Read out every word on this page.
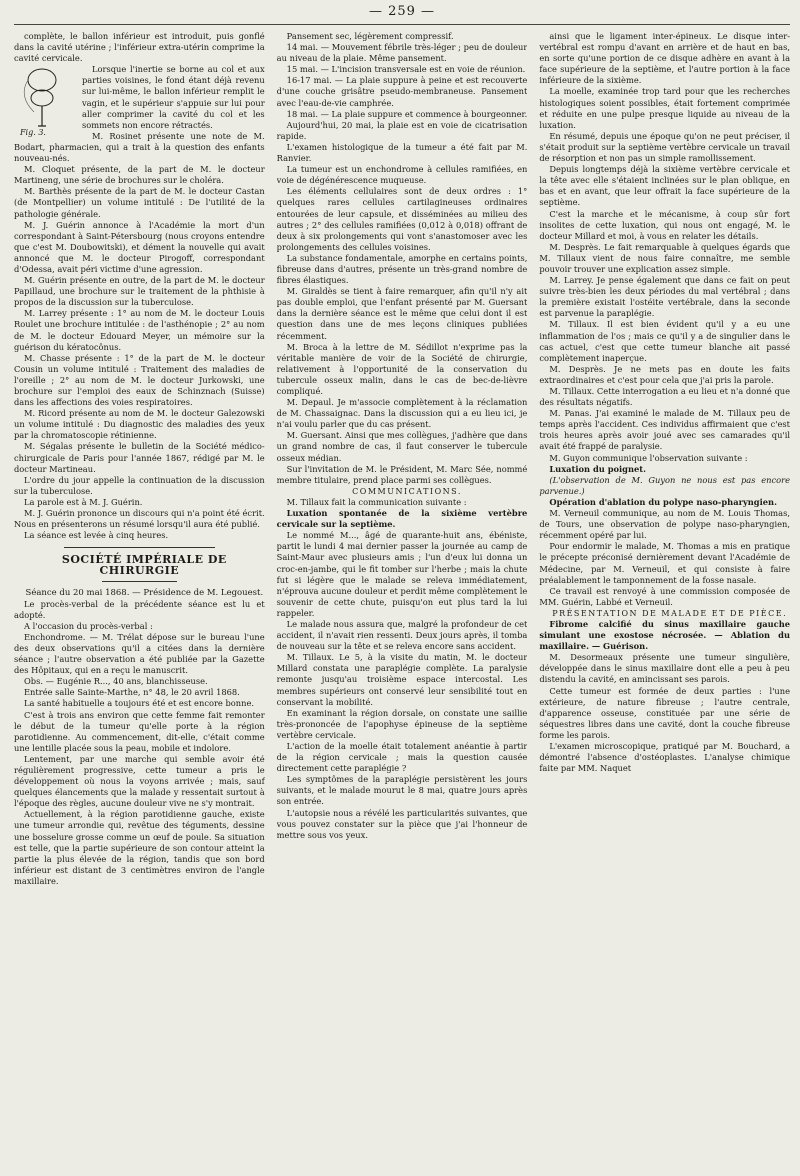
— 259 —

complète, le ballon inférieur est introduit, puis gonflé dans la cavité utérine ; l'inférieur extra-utérin comprime la cavité cervicale.

Fig. 3.

Lorsque l'inertie se borne au col et aux parties voisines, le fond étant déjà revenu sur lui-même, le ballon inférieur remplit le vagin, et le supérieur s'appuie sur lui pour aller comprimer la cavité du col et les sommets non encore rétractés.

M. Rosinet présente une note de M. Bodart, pharmacien, qui a trait à la question des enfants nouveau-nés.

M. Cloquet présente, de la part de M. le docteur Martineng, une série de brochures sur le choléra.

M. Barthès présente de la part de M. le docteur Castan (de Montpellier) un volume intitulé : De l'utilité de la pathologie générale.

M. J. Guérin annonce à l'Académie la mort d'un correspondant à Saint-Pétersbourg (nous croyons entendre que c'est M. Doubowitski), et dément la nouvelle qui avait annoncé que M. le docteur Pirogoff, correspondant d'Odessa, avait péri victime d'une agression.

M. Guérin présente en outre, de la part de M. le docteur Papillaud, une brochure sur le traitement de la phthisie à propos de la discussion sur la tuberculose.

M. Larrey présente : 1° au nom de M. le docteur Louis Roulet une brochure intitulée : de l'asthénopie ; 2° au nom de M. le docteur Edouard Meyer, un mémoire sur la guérison du kératocônus.

M. Chasse présente : 1° de la part de M. le docteur Cousin un volume intitulé : Traitement des maladies de l'oreille ; 2° au nom de M. le docteur Jurkowski, une brochure sur l'emploi des eaux de Schinznach (Suisse) dans les affections des voies respiratoires.

M. Ricord présente au nom de M. le docteur Galezowski un volume intitulé : Du diagnostic des maladies des yeux par la chromatoscopie rétinienne.

M. Ségalas présente le bulletin de la Société médico-chirurgicale de Paris pour l'année 1867, rédigé par M. le docteur Martineau.

L'ordre du jour appelle la continuation de la discussion sur la tuberculose.

La parole est à M. J. Guérin.

M. J. Guérin prononce un discours qui n'a point été écrit. Nous en présenterons un résumé lorsqu'il aura été publié.

La séance est levée à cinq heures.

SOCIÉTÉ IMPÉRIALE DE CHIRURGIE

Séance du 20 mai 1868. — Présidence de M. Legouest.

Le procès-verbal de la précédente séance est lu et adopté.

A l'occasion du procès-verbal :

Enchondrome. — M. Trélat dépose sur le bureau l'une des deux observations qu'il a citées dans la dernière séance ; l'autre observation a été publiée par la Gazette des Hôpitaux, qui en a reçu le manuscrit.

Obs. — Eugénie R..., 40 ans, blanchisseuse.

Entrée salle Sainte-Marthe, n° 48, le 20 avril 1868.

La santé habituelle a toujours été et est encore bonne.

C'est à trois ans environ que cette femme fait remonter le début de la tumeur qu'elle porte à la région parotidienne. Au commencement, dit-elle, c'était comme une lentille placée sous la peau, mobile et indolore.

Lentement, par une marche qui semble avoir été régulièrement progressive, cette tumeur a pris le développement où nous la voyons arrivée ; mais, sauf quelques élancements que la malade y ressentait surtout à l'époque des règles, aucune douleur vive ne s'y montrait.

Actuellement, à la région parotidienne gauche, existe une tumeur arrondie qui, revêtue des téguments, dessine une bosselure grosse comme un œuf de poule. Sa situation est telle, que la partie supérieure de son contour atteint la partie la plus élevée de la région, tandis que son bord inférieur est distant de 3 centimètres environ de l'angle maxillaire.

Pansement sec, légèrement compressif.

14 mai. — Mouvement fébrile très-léger ; peu de douleur au niveau de la plaie. Même pansement.

15 mai. — L'incision transversale est en voie de réunion.

16-17 mai. — La plaie suppure à peine et est recouverte d'une couche grisâtre pseudo-membraneuse. Pansement avec l'eau-de-vie camphrée.

18 mai. — La plaie suppure et commence à bourgeonner.

Aujourd'hui, 20 mai, la plaie est en voie de cicatrisation rapide.

L'examen histologique de la tumeur a été fait par M. Ranvier.

La tumeur est un enchondrome à cellules ramifiées, en voie de dégénérescence muqueuse.

Les éléments cellulaires sont de deux ordres : 1° quelques rares cellules cartilagineuses ordinaires entourées de leur capsule, et disséminées au milieu des autres ; 2° des cellules ramifiées (0,012 à 0,018) offrant de deux à six prolongements qui vont s'anastomoser avec les prolongements des cellules voisines.

La substance fondamentale, amorphe en certains points, fibreuse dans d'autres, présente un très-grand nombre de fibres élastiques.

M. Giraldès se tient à faire remarquer, afin qu'il n'y ait pas double emploi, que l'enfant présenté par M. Guersant dans la dernière séance est le même que celui dont il est question dans une de mes leçons cliniques publiées récemment.

M. Broca à la lettre de M. Sédillot n'exprime pas la véritable manière de voir de la Société de chirurgie, relativement à l'opportunité de la conservation du tubercule osseux malin, dans le cas de bec-de-lièvre compliqué.

M. Depaul. Je m'associe complètement à la réclamation de M. Chassaignac. Dans la discussion qui a eu lieu ici, je n'ai voulu parler que du cas présent.

M. Guersant. Ainsi que mes collègues, j'adhère que dans un grand nombre de cas, il faut conserver le tubercule osseux médian.

Sur l'invitation de M. le Président, M. Marc Sée, nommé membre titulaire, prend place parmi ses collègues.

COMMUNICATIONS.

M. Tillaux fait la communication suivante :

Luxation spontanée de la sixième vertèbre cervicale sur la septième.

Le nommé M..., âgé de quarante-huit ans, ébéniste, partit le lundi 4 mai dernier passer la journée au camp de Saint-Maur avec plusieurs amis ; l'un d'eux lui donna un croc-en-jambe, qui le fit tomber sur l'herbe ; mais la chute fut si légère que le malade se releva immédiatement, n'éprouva aucune douleur et perdit même complètement le souvenir de cette chute, puisqu'on eut plus tard la lui rappeler.

Le malade nous assura que, malgré la profondeur de cet accident, il n'avait rien ressenti. Deux jours après, il tomba de nouveau sur la tête et se releva encore sans accident.

M. Tillaux. Le 5, à la visite du matin, M. le docteur Millard constata une paraplégie complète. La paralysie remonte jusqu'au troisième espace intercostal. Les membres supérieurs ont conservé leur sensibilité tout en conservant la mobilité.

En examinant la région dorsale, on constate une saillie très-prononcée de l'apophyse épineuse de la septième vertèbre cervicale.

L'action de la moelle était totalement anéantie à partir de la région cervicale ; mais la question causée directement cette paraplégie ?

Les symptômes de la paraplégie persistèrent les jours suivants, et le malade mourut le 8 mai, quatre jours après son entrée.

L'autopsie nous a révélé les particularités suivantes, que vous pouvez constater sur la pièce que j'ai l'honneur de mettre sous vos yeux.

ainsi que le ligament inter-épineux. Le disque inter-vertébral est rompu d'avant en arrière et de haut en bas, en sorte qu'une portion de ce disque adhère en avant à la face supérieure de la septième, et l'autre portion à la face inférieure de la sixième.

La moelle, examinée trop tard pour que les recherches histologiques soient possibles, était fortement comprimée et réduite en une pulpe presque liquide au niveau de la luxation.

En résumé, depuis une époque qu'on ne peut préciser, il s'était produit sur la septième vertèbre cervicale un travail de résorption et non pas un simple ramollissement.

Depuis longtemps déjà la sixième vertèbre cervicale et la tête avec elle s'étaient inclinées sur le plan oblique, en bas et en avant, que leur offrait la face supérieure de la septième.

C'est la marche et le mécanisme, à coup sûr fort insolites de cette luxation, qui nous ont engagé, M. le docteur Millard et moi, à vous en relater les détails.

M. Desprès. Le fait remarquable à quelques égards que M. Tillaux vient de nous faire connaître, me semble pouvoir trouver une explication assez simple.

M. Larrey. Je pense également que dans ce fait on peut suivre très-bien les deux périodes du mal vertébral ; dans la première existait l'ostéite vertébrale, dans la seconde est parvenue la paraplégie.

M. Tillaux. Il est bien évident qu'il y a eu une inflammation de l'os ; mais ce qu'il y a de singulier dans le cas actuel, c'est que cette tumeur blanche ait passé complètement inaperçue.

M. Desprès. Je ne mets pas en doute les faits extraordinaires et c'est pour cela que j'ai pris la parole.

M. Tillaux. Cette interrogation a eu lieu et n'a donné que des résultats négatifs.

M. Panas. J'ai examiné le malade de M. Tillaux peu de temps après l'accident. Ces individus affirmaient que c'est trois heures après avoir joué avec ses camarades qu'il avait été frappé de paralysie.

M. Guyon communique l'observation suivante :

Luxation du poignet.

(L'observation de M. Guyon ne nous est pas encore parvenue.)

Opération d'ablation du polype naso-pharyngien.

M. Verneuil communique, au nom de M. Louis Thomas, de Tours, une observation de polype naso-pharyngien, récemment opéré par lui.

Pour endormir le malade, M. Thomas a mis en pratique le précepte préconisé dernièrement devant l'Académie de Médecine, par M. Verneuil, et qui consiste à faire préalablement le tamponnement de la fosse nasale.

Ce travail est renvoyé à une commission composée de MM. Guérin, Labbé et Verneuil.

PRÉSENTATION DE MALADE ET DE PIÈCE.

Fibrome calcifié du sinus maxillaire gauche simulant une exostose nécrosée. — Ablation du maxillaire. — Guérison.

M. Desormeaux présente une tumeur singulière, développée dans le sinus maxillaire dont elle a peu à peu distendu la cavité, en amincissant ses parois.

Cette tumeur est formée de deux parties : l'une extérieure, de nature fibreuse ; l'autre centrale, d'apparence osseuse, constituée par une série de séquestres libres dans une cavité, dont la couche fibreuse forme les parois.

L'examen microscopique, pratiqué par M. Bouchard, a démontré l'absence d'ostéoplastes. L'analyse chimique faite par MM. Naquet
